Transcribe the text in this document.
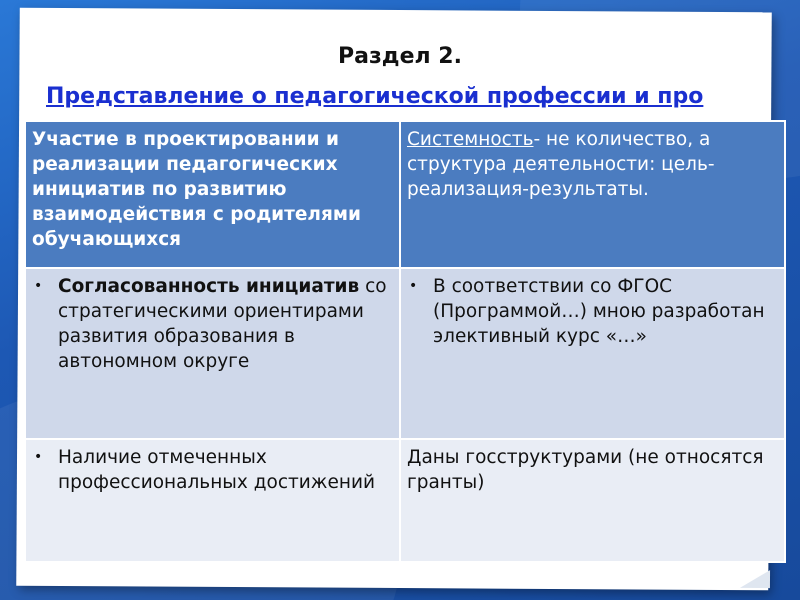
Раздел 2.
Представление о педагогической профессии и про
Участие в проектировании и реализации педагогических инициатив по развитию взаимодействия с родителями обучающихся	Системность- не количество, а структура деятельности: цель-реализация-результаты.

• Согласованность инициатив со стратегическими ориентирами развития образования в автономном округе	• В соответствии со ФГОС (Программой…) мною разработан элективный курс «…»

• Наличие отмеченных профессиональных достижений	Даны госструктурами (не относятся гранты)
